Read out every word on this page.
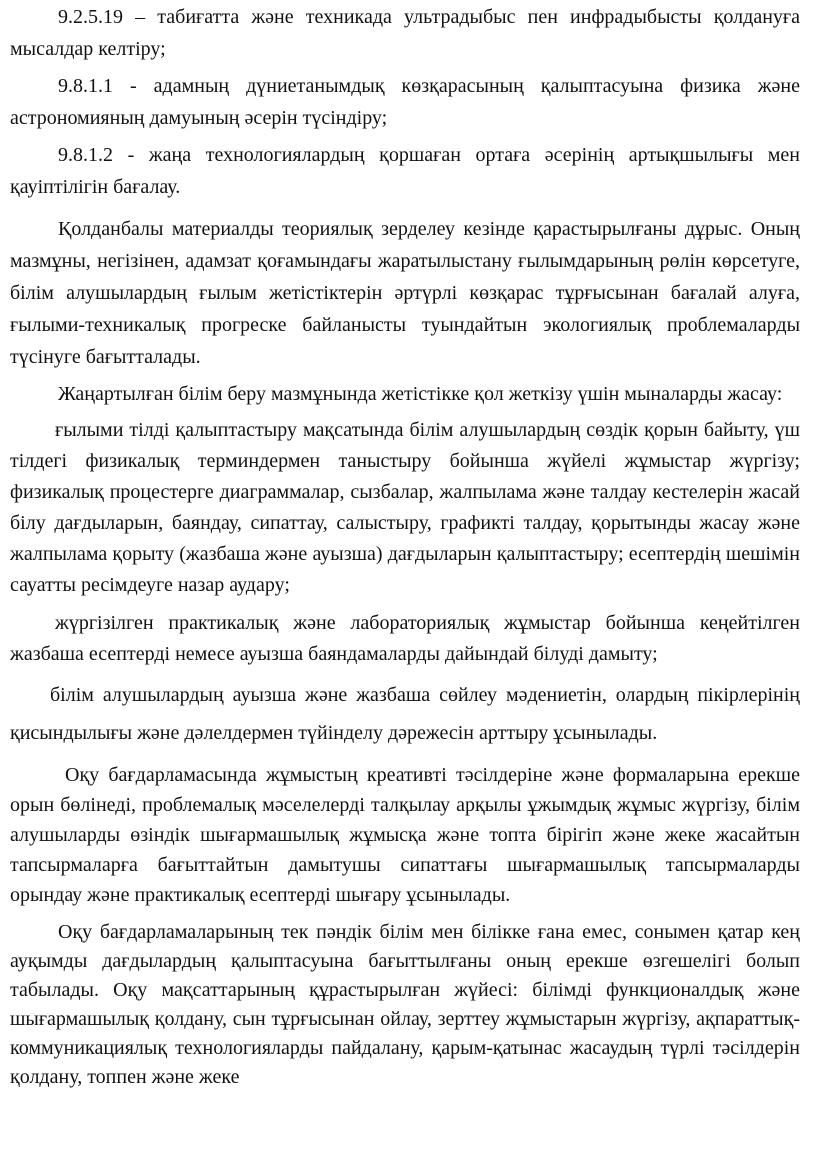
9.2.5.19 – табиғатта және техникада ультрадыбыс пен инфрадыбысты қолдануға мысалдар келтіру;

9.8.1.1 - адамның дүниетанымдық көзқарасының қалыптасуына физика және астрономияның дамуының әсерін түсіндіру;

9.8.1.2 - жаңа технологиялардың қоршаған ортаға әсерінің артықшылығы мен қауіптілігін бағалау.

Қолданбалы материалды теориялық зерделеу кезінде қарастырылғаны дұрыс. Оның мазмұны, негізінен, адамзат қоғамындағы жаратылыстану ғылымдарының рөлін көрсетуге, білім алушылардың ғылым жетістіктерін әртүрлі көзқарас тұрғысынан бағалай алуға, ғылыми-техникалық прогреске байланысты туындайтын экологиялық проблемаларды түсінуге бағытталады.

Жаңартылған білім беру мазмұнында жетістікке қол жеткізу үшін мыналарды жасау:

ғылыми тілді қалыптастыру мақсатында білім алушылардың сөздік қорын байыту, үш тілдегі физикалық терминдермен таныстыру бойынша жүйелі жұмыстар жүргізу; физикалық процестерге диаграммалар, сызбалар, жалпылама және талдау кестелерін жасай білу дағдыларын, баяндау, сипаттау, салыстыру, графикті талдау, қорытынды жасау және жалпылама қорыту (жазбаша және ауызша) дағдыларын қалыптастыру; есептердің шешімін сауатты ресімдеуге назар аудару;

жүргізілген практикалық және лабораториялық жұмыстар бойынша кеңейтілген жазбаша есептерді немесе ауызша баяндамаларды дайындай білуді дамыту;

білім алушылардың ауызша және жазбаша сөйлеу мәдениетін, олардың пікірлерінің қисындылығы және дәлелдермен түйінделу дәрежесін арттыру ұсынылады.

Оқу бағдарламасында жұмыстың креативті тәсілдеріне және формаларына ерекше орын бөлінеді, проблемалық мәселелерді талқылау арқылы ұжымдық жұмыс жүргізу, білім алушыларды өзіндік шығармашылық жұмысқа және топта бірігіп және жеке жасайтын тапсырмаларға бағыттайтын дамытушы сипаттағы шығармашылық тапсырмаларды орындау және практикалық есептерді шығару ұсынылады.

Оқу бағдарламаларының тек пәндік білім мен білікке ғана емес, сонымен қатар кең ауқымды дағдылардың қалыптасуына бағыттылғаны оның ерекше өзгешелігі болып табылады. Оқу мақсаттарының құрастырылған жүйесі: білімді функционалдық және шығармашылық қолдану, сын тұрғысынан ойлау, зерттеу жұмыстарын жүргізу, ақпараттық-коммуникациялық технологияларды пайдалану, қарым-қатынас жасаудың түрлі тәсілдерін қолдану, топпен және жеке
